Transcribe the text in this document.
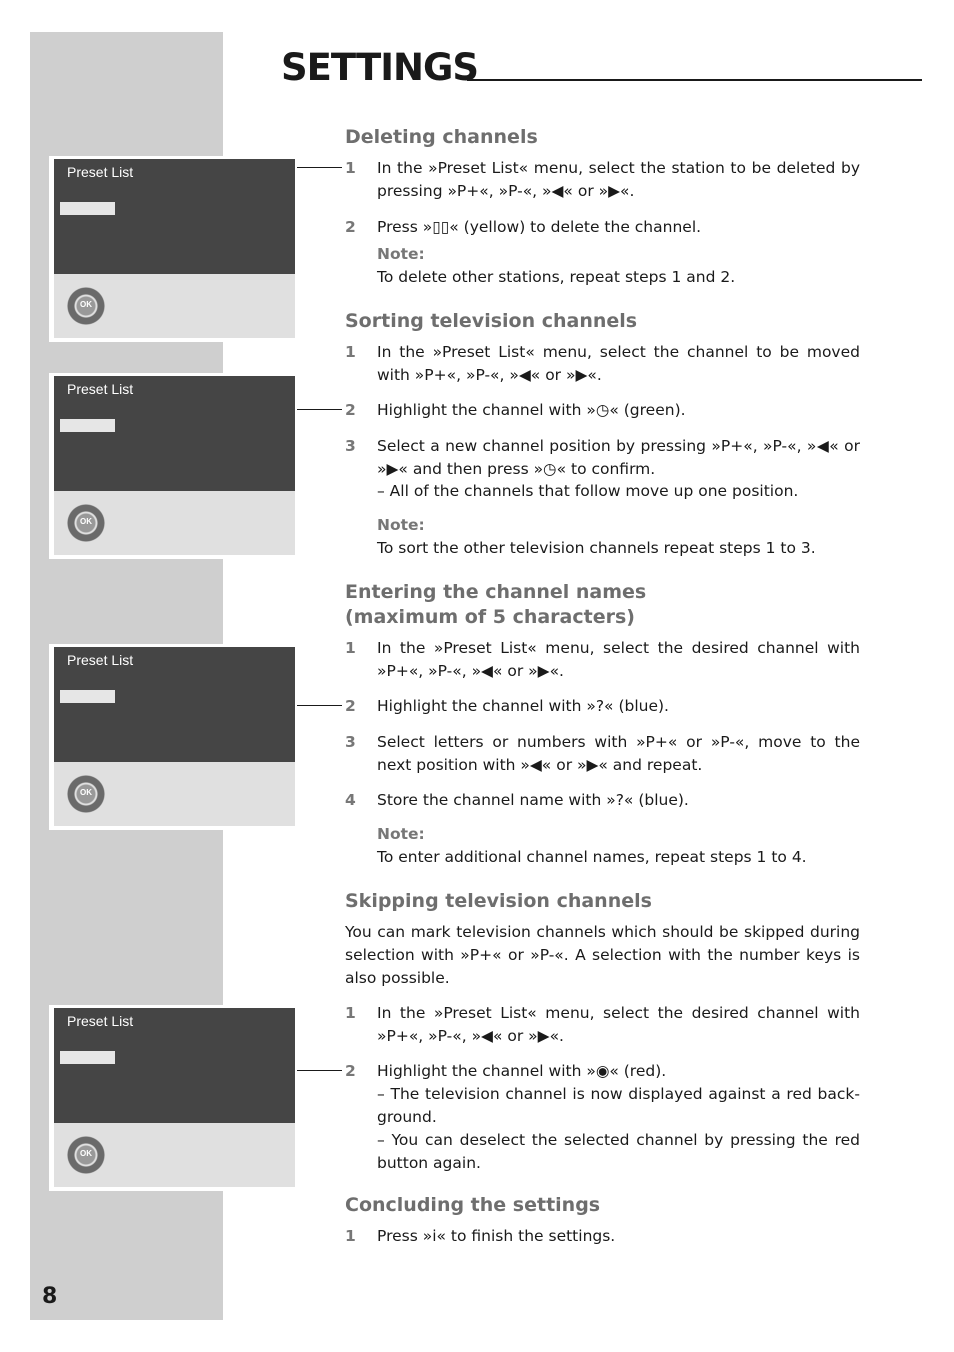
8
SETTINGS
Preset List
OK
Preset List
OK
Preset List
OK
Preset List
OK
Deleting channels
1 In the »Preset List« menu, select the station to be deleted by pressing »P+«, »P-«, »◀« or »▶«.
2 Press »▯▯« (yellow) to delete the channel.
Note:
To delete other stations, repeat steps 1 and 2.
Sorting television channels
1 In the »Preset List« menu, select the channel to be moved with »P+«, »P-«, »◀« or »▶«.
2 Highlight the channel with »◷« (green).
3 Select a new channel position by pressing »P+«, »P-«, »◀« or »▶« and then press »◷« to confirm.
– All of the channels that follow move up one position.
Note:
To sort the other television channels repeat steps 1 to 3.
Entering the channel names
(maximum of 5 characters)
1 In the »Preset List« menu, select the desired channel with »P+«, »P-«, »◀« or »▶«.
2 Highlight the channel with »?« (blue).
3 Select letters or numbers with »P+« or »P-«, move to the next position with »◀« or »▶« and repeat.
4 Store the channel name with »?« (blue).
Note:
To enter additional channel names, repeat steps 1 to 4.
Skipping television channels
You can mark television channels which should be skipped during selection with »P+« or »P-«. A selection with the number keys is also possible.
1 In the »Preset List« menu, select the desired channel with »P+«, »P-«, »◀« or »▶«.
2 Highlight the channel with »◉« (red).
– The television channel is now displayed against a red back-ground.
– You can deselect the selected channel by pressing the red button again.
Concluding the settings
1 Press »i« to finish the settings.
